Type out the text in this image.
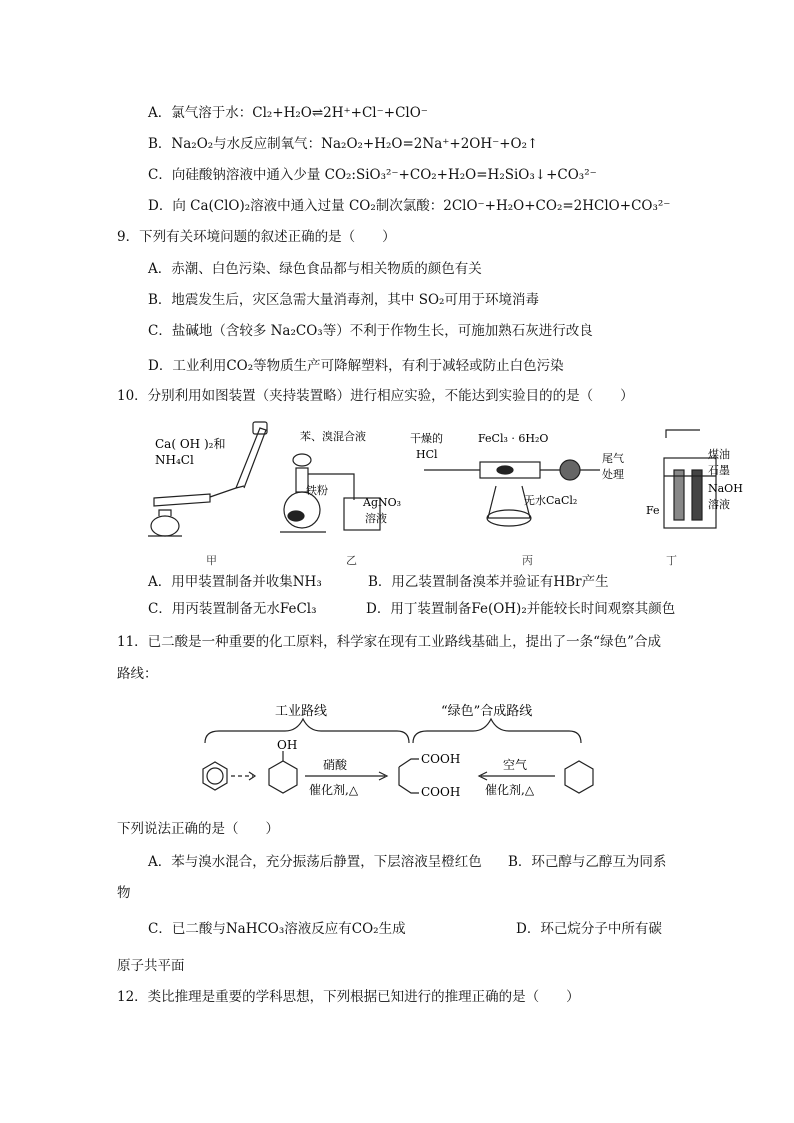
A．氯气溶于水：Cl₂+H₂O⇌2H⁺+Cl⁻+ClO⁻
B．Na₂O₂与水反应制氧气：Na₂O₂+H₂O=2Na⁺+2OH⁻+O₂↑
C．向硅酸钠溶液中通入少量 CO₂:SiO₃²⁻+CO₂+H₂O=H₂SiO₃↓+CO₃²⁻
D．向 Ca(ClO)₂溶液中通入过量 CO₂制次氯酸：2ClO⁻+H₂O+CO₂=2HClO+CO₃²⁻
9．下列有关环境问题的叙述正确的是（　　）
A．赤潮、白色污染、绿色食品都与相关物质的颜色有关
B．地震发生后，灾区急需大量消毒剂，其中 SO₂可用于环境消毒
C．盐碱地（含较多 Na₂CO₃等）不利于作物生长，可施加熟石灰进行改良
D．工业利用CO₂等物质生产可降解塑料，有利于减轻或防止白色污染
10．分别利用如图装置（夹持装置略）进行相应实验，不能达到实验目的的是（　　）
Ca( OH )₂和
NH₄Cl
苯、溴混合液
铁粉
AgNO₃
溶液
干燥的
HCl
FeCl₃ · 6H₂O
尾气
处理
无水CaCl₂
煤油
石墨
NaOH
溶液
Fe
甲	乙	丙	丁
A．用甲装置制备并收集NH₃	B．用乙装置制备溴苯并验证有HBr产生
C．用丙装置制备无水FeCl₃	D．用丁装置制备Fe(OH)₂并能较长时间观察其颜色
11．已二酸是一种重要的化工原料，科学家在现有工业路线基础上，提出了一条“绿色”合成
路线：
工业路线	“绿色”合成路线
OH
硝酸
催化剂,△
COOH
COOH
空气
催化剂,△
下列说法正确的是（　　）
A．苯与溴水混合，充分振荡后静置，下层溶液呈橙红色 B．环己醇与乙醇互为同系
物
C．已二酸与NaHCO₃溶液反应有CO₂生成	D．环己烷分子中所有碳
原子共平面
12．类比推理是重要的学科思想，下列根据已知进行的推理正确的是（　　）
